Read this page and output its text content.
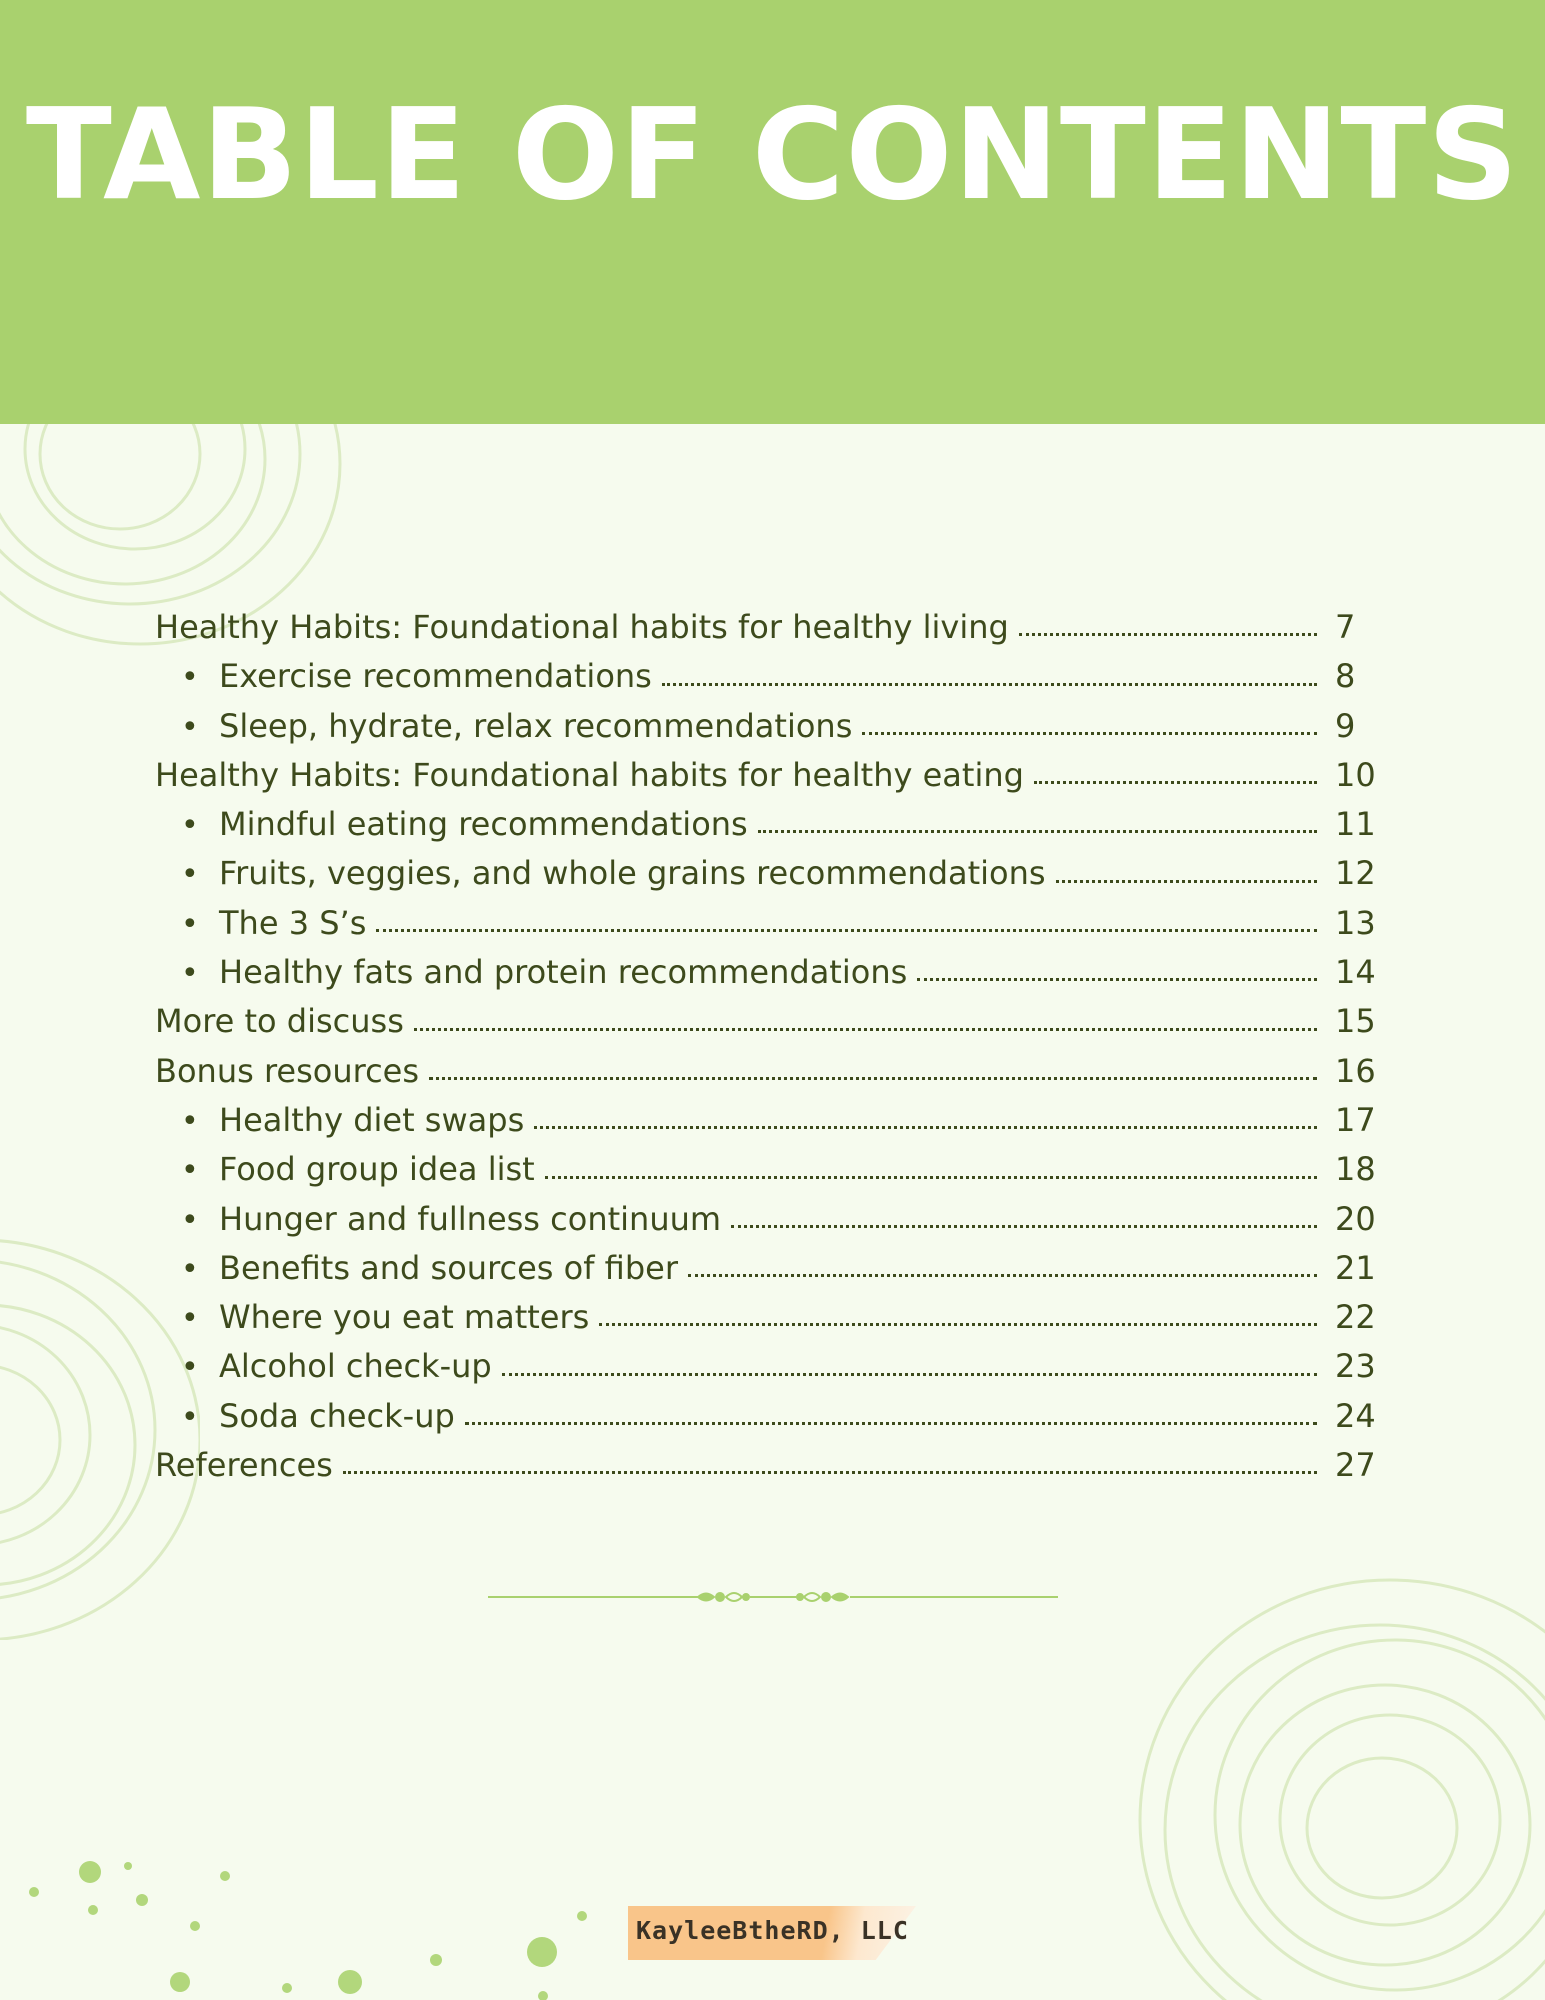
TABLE OF CONTENTS
Healthy Habits: Foundational habits for healthy living	7
• Exercise recommendations	8
• Sleep, hydrate, relax recommendations	9
Healthy Habits: Foundational habits for healthy eating	10
• Mindful eating recommendations	11
• Fruits, veggies, and whole grains recommendations	12
• The 3 S’s	13
• Healthy fats and protein recommendations	14
More to discuss	15
Bonus resources	16
• Healthy diet swaps	17
• Food group idea list	18
• Hunger and fullness continuum	20
• Benefits and sources of fiber	21
• Where you eat matters	22
• Alcohol check-up	23
• Soda check-up	24
References	27
KayleeBtheRD, LLC
